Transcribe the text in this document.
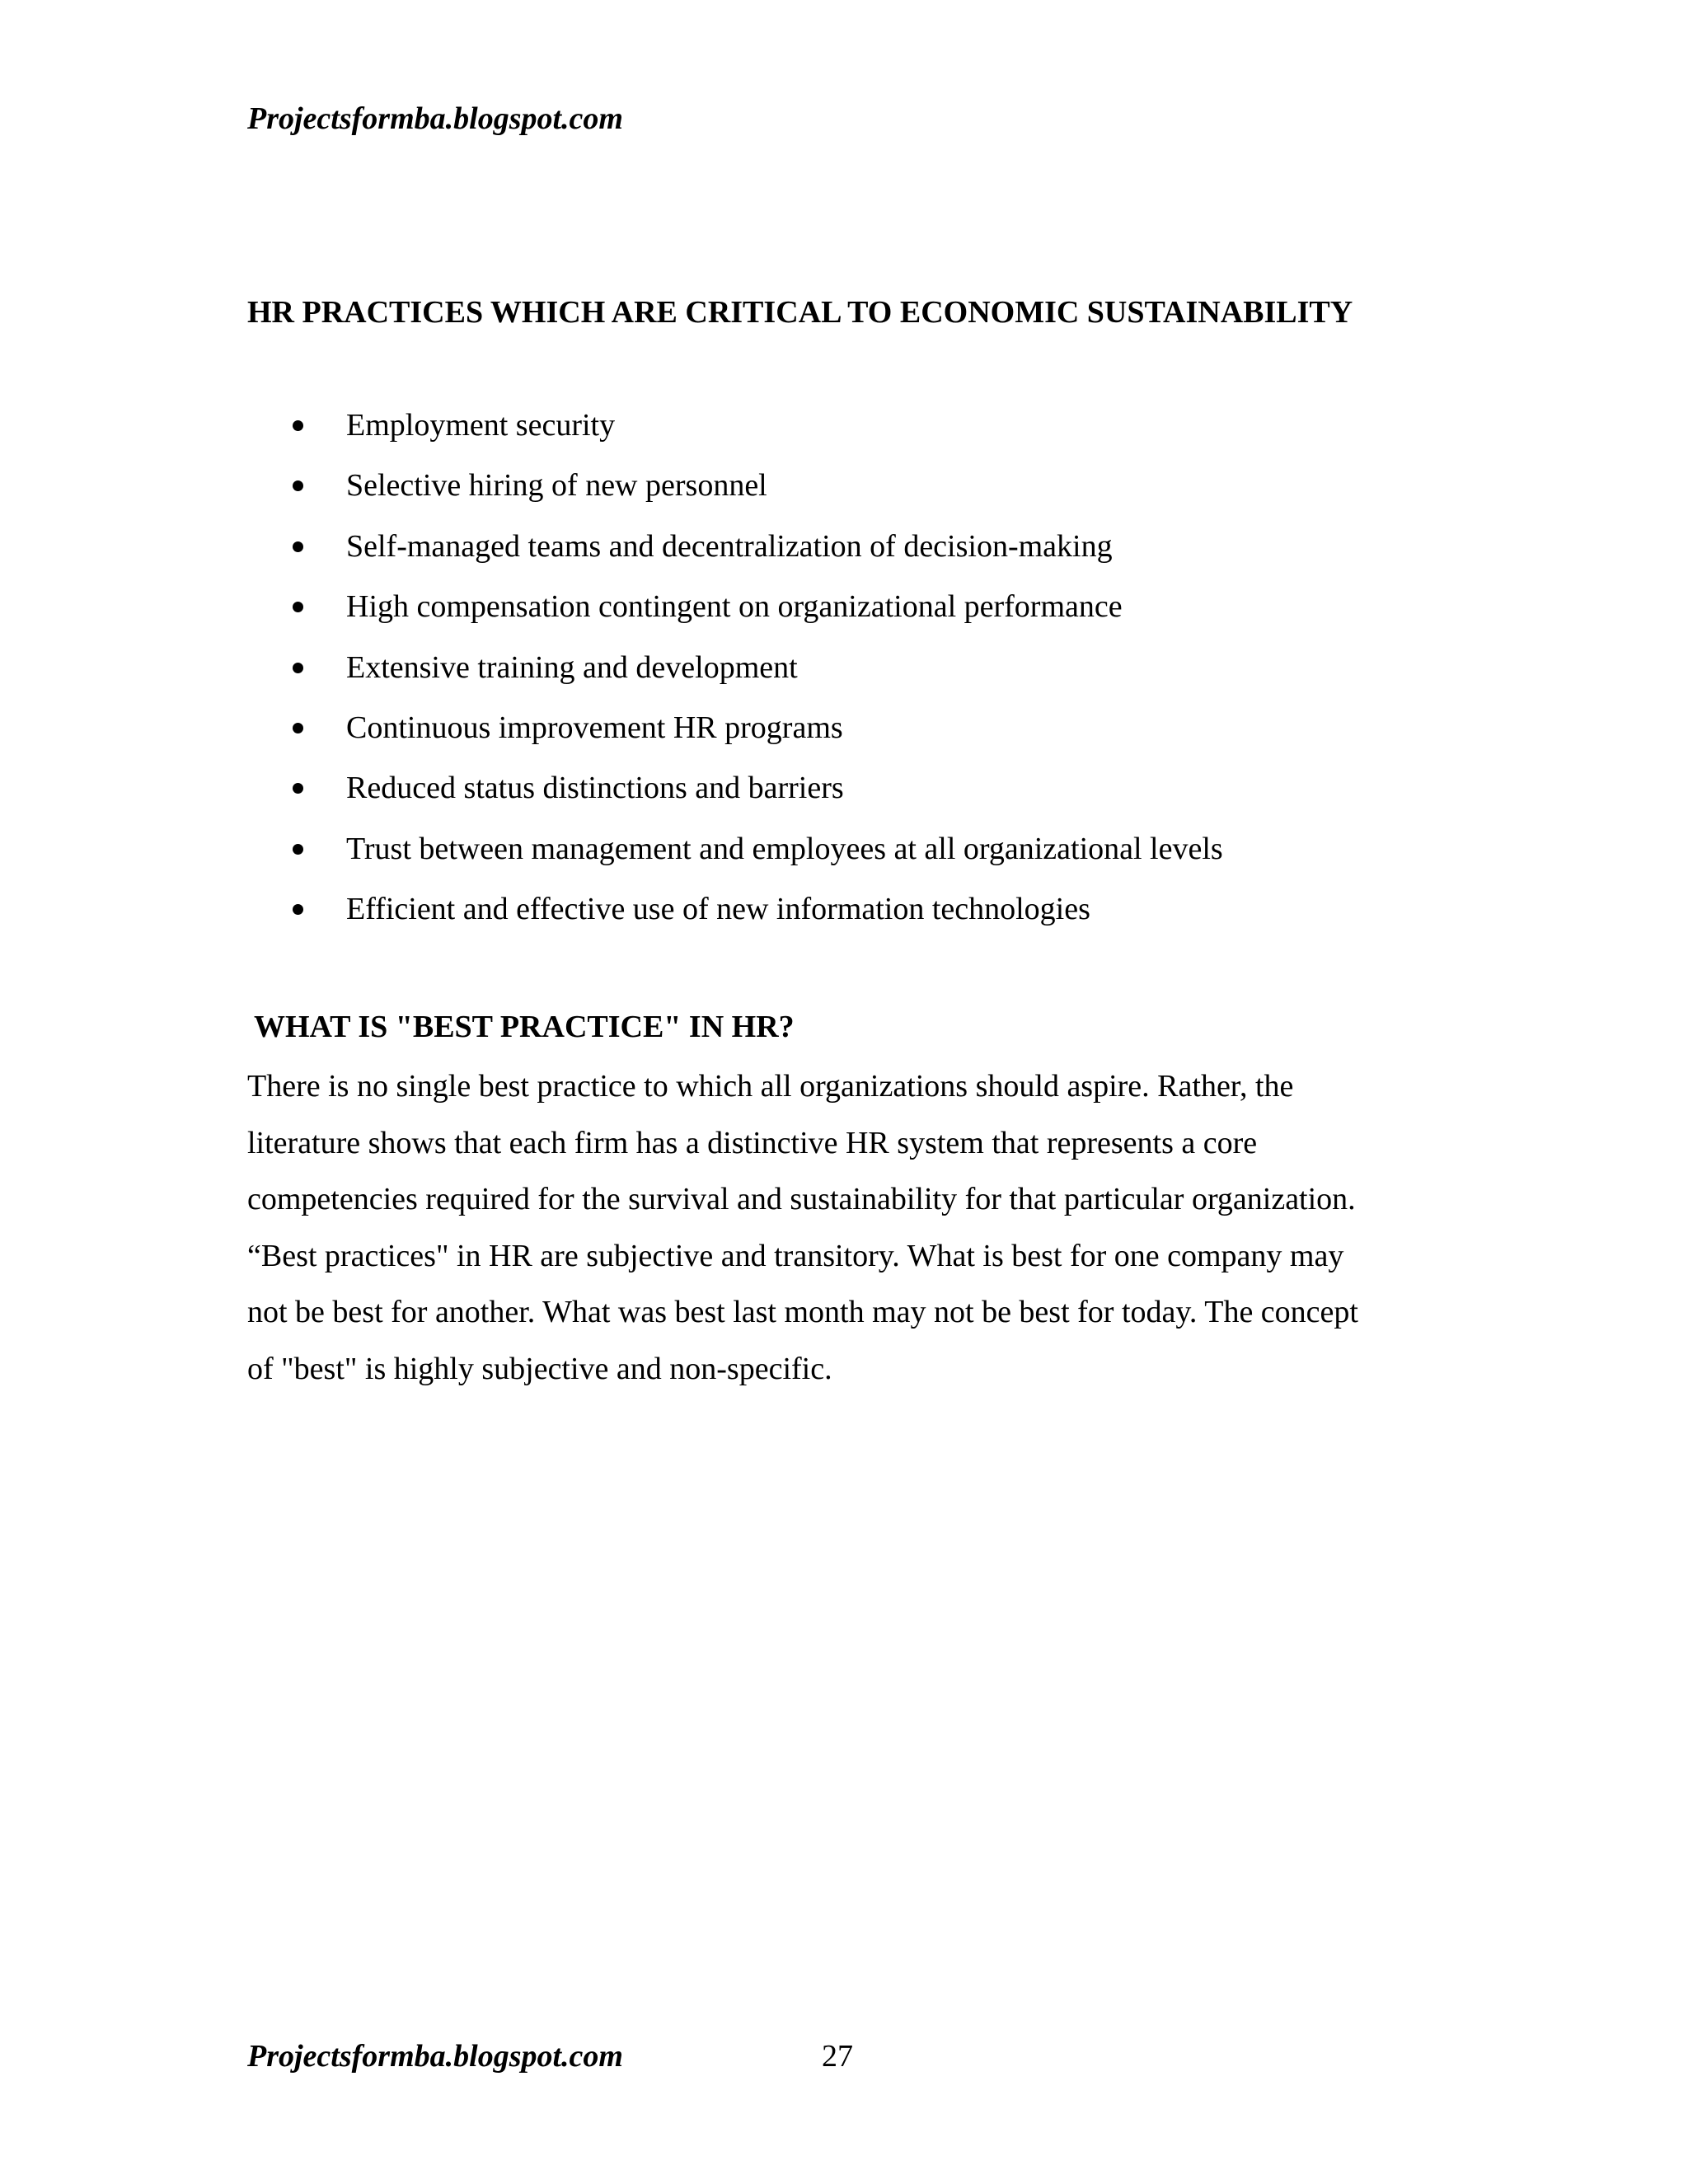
Projectsformba.blogspot.com
HR PRACTICES WHICH ARE CRITICAL TO ECONOMIC SUSTAINABILITY
Employment security
Selective hiring of new personnel
Self-managed teams and decentralization of decision-making
High compensation contingent on organizational performance
Extensive training and development
Continuous improvement HR programs
Reduced status distinctions and barriers
Trust between management and employees at all organizational levels
Efficient and effective use of new information technologies
WHAT IS "BEST PRACTICE" IN HR?

There is no single best practice to which all organizations should aspire. Rather, the
literature shows that each firm has a distinctive HR system that represents a core
competencies required for the survival and sustainability for that particular organization.
“Best practices" in HR are subjective and transitory. What is best for one company may
not be best for another. What was best last month may not be best for today. The concept
of "best" is highly subjective and non-specific.

Projectsformba.blogspot.com	27
